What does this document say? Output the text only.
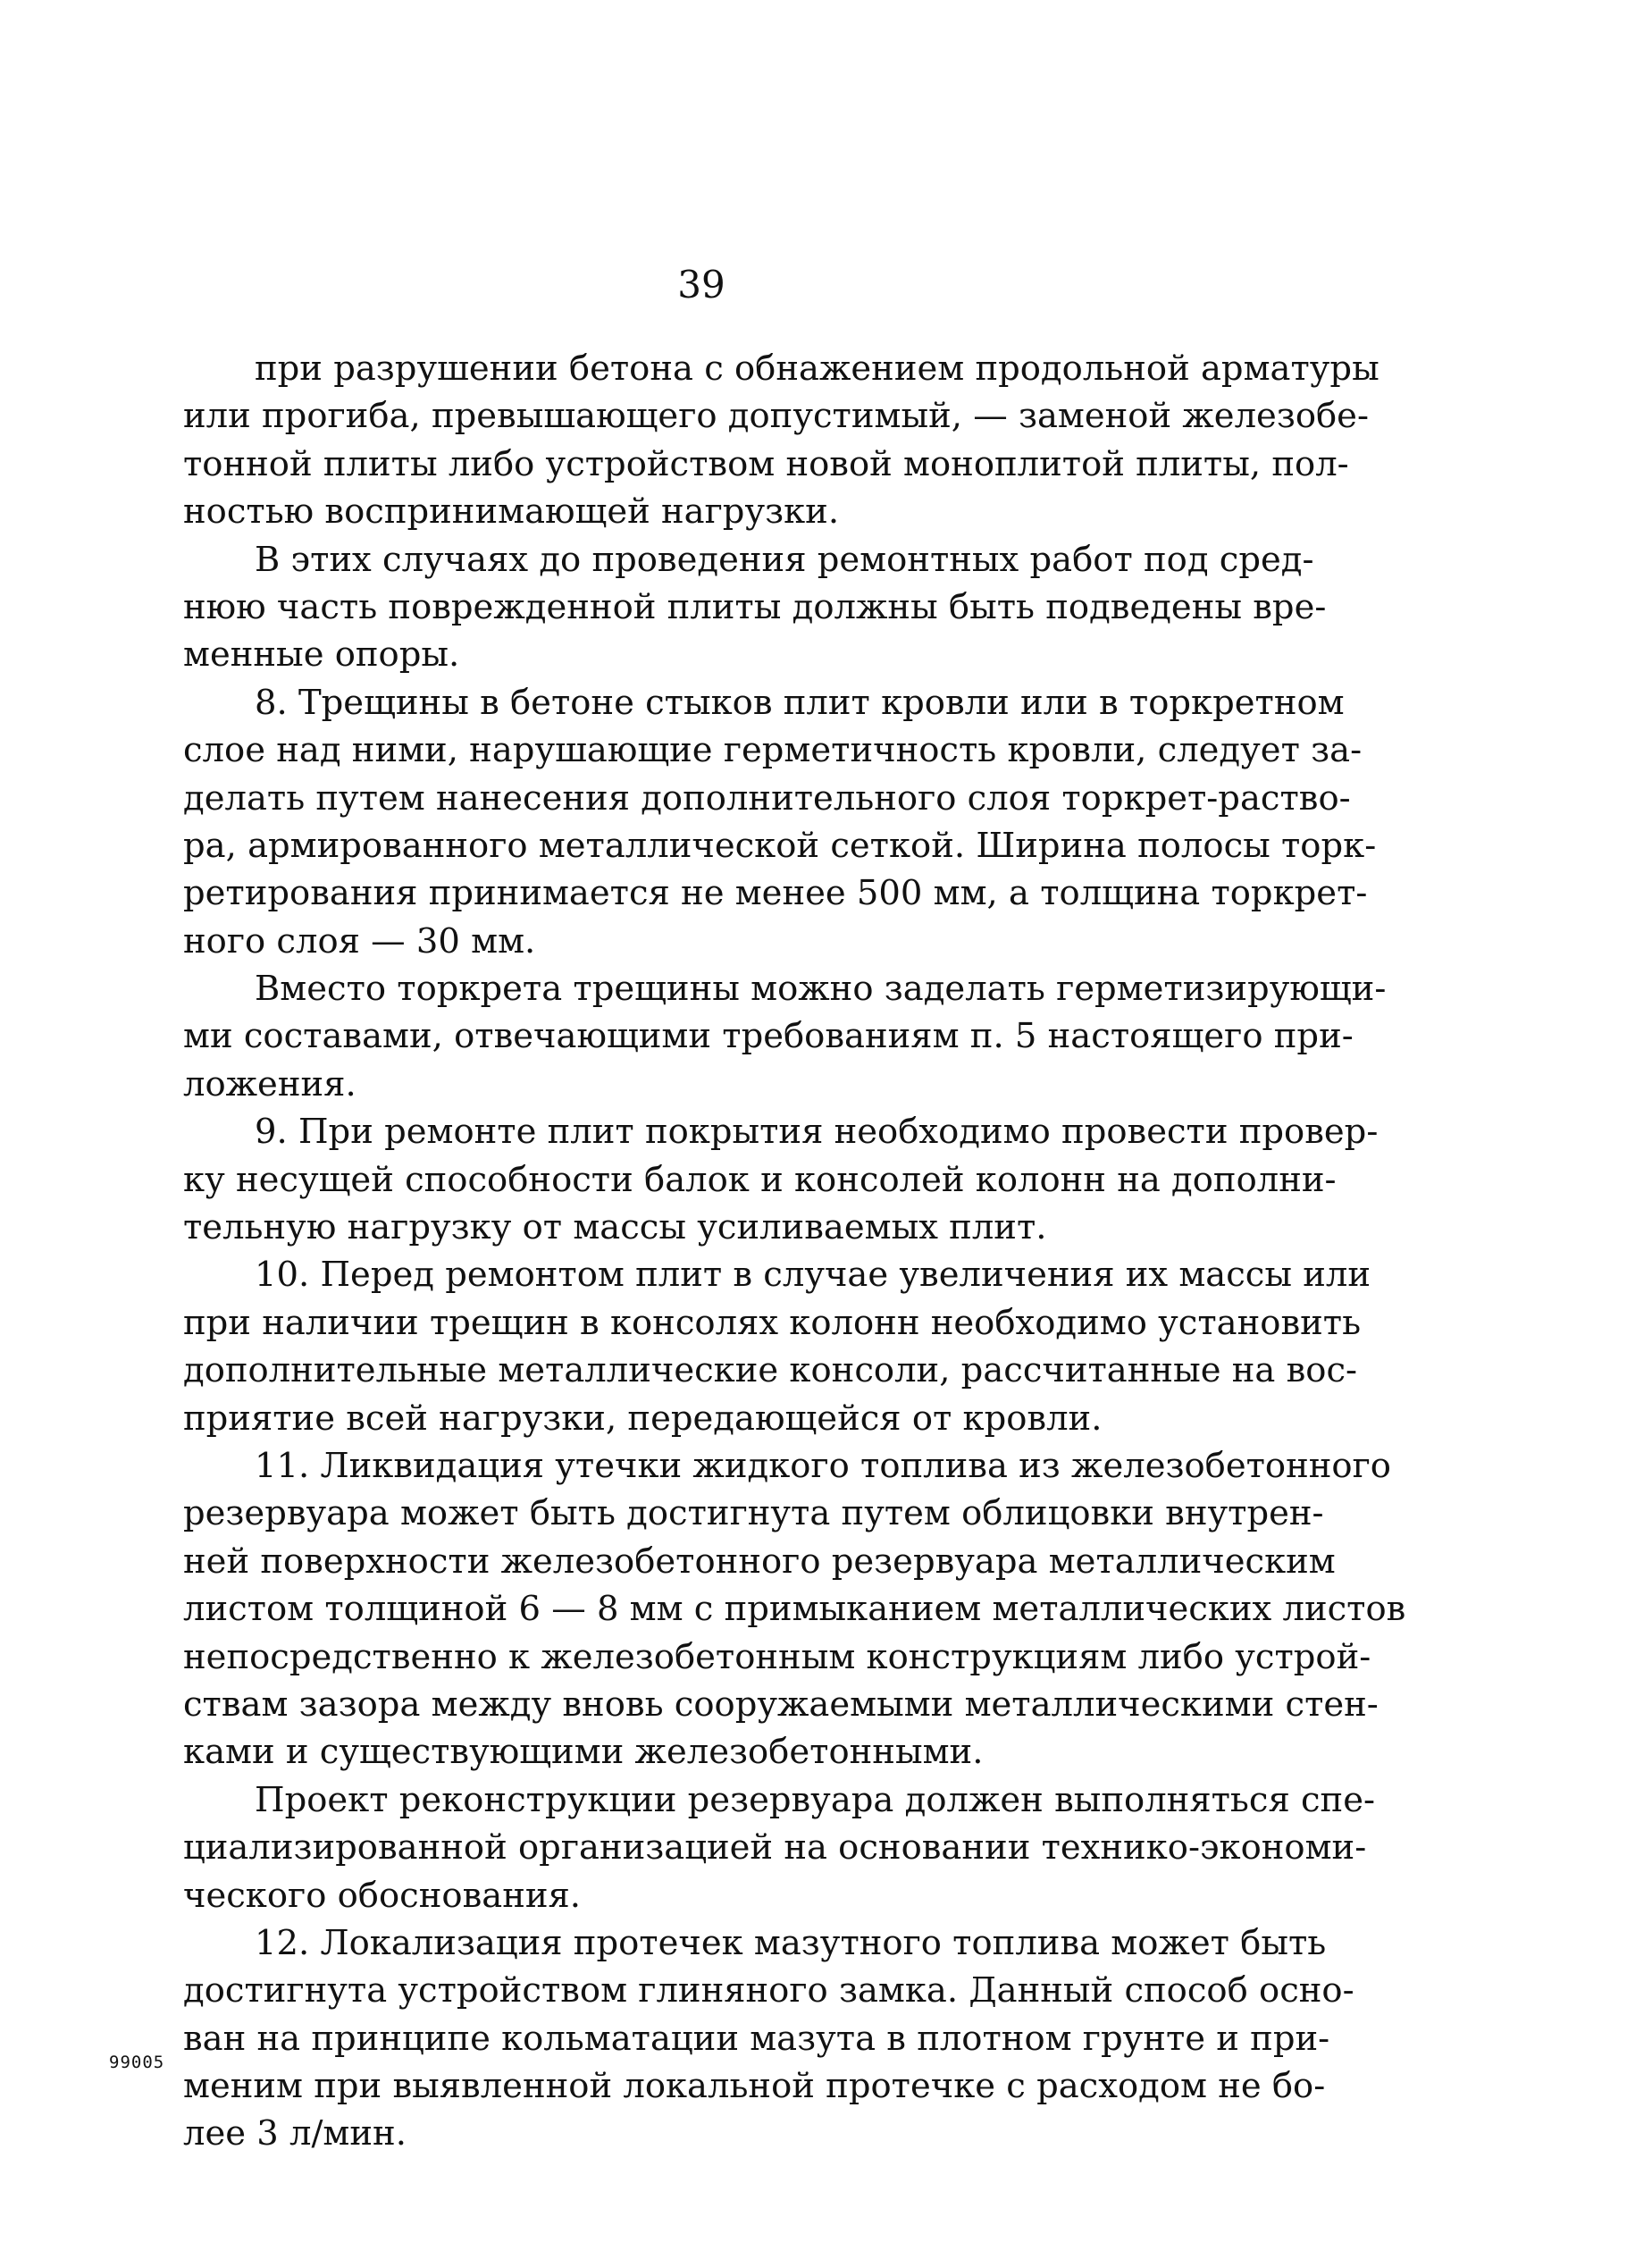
39
при разрушении бетона с обнажением продольной арматуры
или прогиба, превышающего допустимый, — заменой железобе-
тонной плиты либо устройством новой моноплитой плиты, пол-
ностью воспринимающей нагрузки.
В этих случаях до проведения ремонтных работ под сред-
нюю часть поврежденной плиты должны быть подведены вре-
менные опоры.
8. Трещины в бетоне стыков плит кровли или в торкретном
слое над ними, нарушающие герметичность кровли, следует за-
делать путем нанесения дополнительного слоя торкрет-раство-
ра, армированного металлической сеткой. Ширина полосы торк-
ретирования принимается не менее 500 мм, а толщина торкрет-
ного слоя — 30 мм.
Вместо торкрета трещины можно заделать герметизирующи-
ми составами, отвечающими требованиям п. 5 настоящего при-
ложения.
9. При ремонте плит покрытия необходимо провести провер-
ку несущей способности балок и консолей колонн на дополни-
тельную нагрузку от массы усиливаемых плит.
10. Перед ремонтом плит в случае увеличения их массы или
при наличии трещин в консолях колонн необходимо установить
дополнительные металлические консоли, рассчитанные на вос-
приятие всей нагрузки, передающейся от кровли.
11. Ликвидация утечки жидкого топлива из железобетонного
резервуара может быть достигнута путем облицовки внутрен-
ней поверхности железобетонного резервуара металлическим
листом толщиной 6 — 8 мм с примыканием металлических листов
непосредственно к железобетонным конструкциям либо устрой-
ствам зазора между вновь сооружаемыми металлическими стен-
ками и существующими железобетонными.
Проект реконструкции резервуара должен выполняться спе-
циализированной организацией на основании технико-экономи-
ческого обоснования.
12. Локализация протечек мазутного топлива может быть
достигнута устройством глиняного замка. Данный способ осно-
ван на принципе кольматации мазута в плотном грунте и при-
меним при выявленной локальной протечке с расходом не бо-
лее 3 л/мин.
99005
